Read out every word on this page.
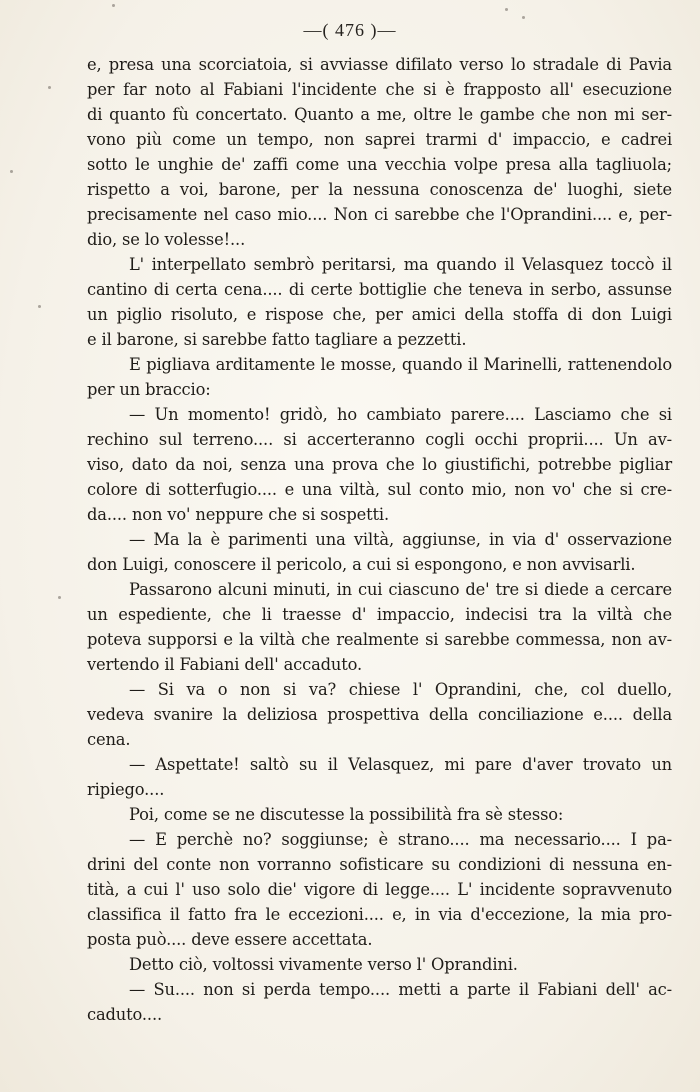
—( 476 )—
e, presa una scorciatoia, si avviasse difilato verso lo stradale di Pavia
per far noto al Fabiani l'incidente che si è frapposto all' esecuzione
di quanto fù concertato. Quanto a me, oltre le gambe che non mi ser-
vono più come un tempo, non saprei trarmi d' impaccio, e cadrei
sotto le unghie de' zaffi come una vecchia volpe presa alla tagliuola;
rispetto a voi, barone, per la nessuna conoscenza de' luoghi, siete
precisamente nel caso mio.... Non ci sarebbe che l'Oprandini.... e, per-
dio, se lo volesse!...
L' interpellato sembrò peritarsi, ma quando il Velasquez toccò il
cantino di certa cena.... di certe bottiglie che teneva in serbo, assunse
un piglio risoluto, e rispose che, per amici della stoffa di don Luigi
e il barone, si sarebbe fatto tagliare a pezzetti.
E pigliava arditamente le mosse, quando il Marinelli, rattenendolo
per un braccio:
— Un momento! gridò, ho cambiato parere.... Lasciamo che si
rechino sul terreno.... si accerteranno cogli occhi proprii.... Un av-
viso, dato da noi, senza una prova che lo giustifichi, potrebbe pigliar
colore di sotterfugio.... e una viltà, sul conto mio, non vo' che si cre-
da.... non vo' neppure che si sospetti.
— Ma la è parimenti una viltà, aggiunse, in via d' osservazione
don Luigi, conoscere il pericolo, a cui si espongono, e non avvisarli.
Passarono alcuni minuti, in cui ciascuno de' tre si diede a cercare
un espediente, che li traesse d' impaccio, indecisi tra la viltà che
poteva supporsi e la viltà che realmente si sarebbe commessa, non av-
vertendo il Fabiani dell' accaduto.
— Si va o non si va? chiese l' Oprandini, che, col duello,
vedeva svanire la deliziosa prospettiva della conciliazione e.... della
cena.
— Aspettate! saltò su il Velasquez, mi pare d'aver trovato un
ripiego....
Poi, come se ne discutesse la possibilità fra sè stesso:
— E perchè no? soggiunse; è strano.... ma necessario.... I pa-
drini del conte non vorranno sofisticare su condizioni di nessuna en-
tità, a cui l' uso solo die' vigore di legge.... L' incidente sopravvenuto
classifica il fatto fra le eccezioni.... e, in via d'eccezione, la mia pro-
posta può.... deve essere accettata.
Detto ciò, voltossi vivamente verso l' Oprandini.
— Su.... non si perda tempo.... metti a parte il Fabiani dell' ac-
caduto....
